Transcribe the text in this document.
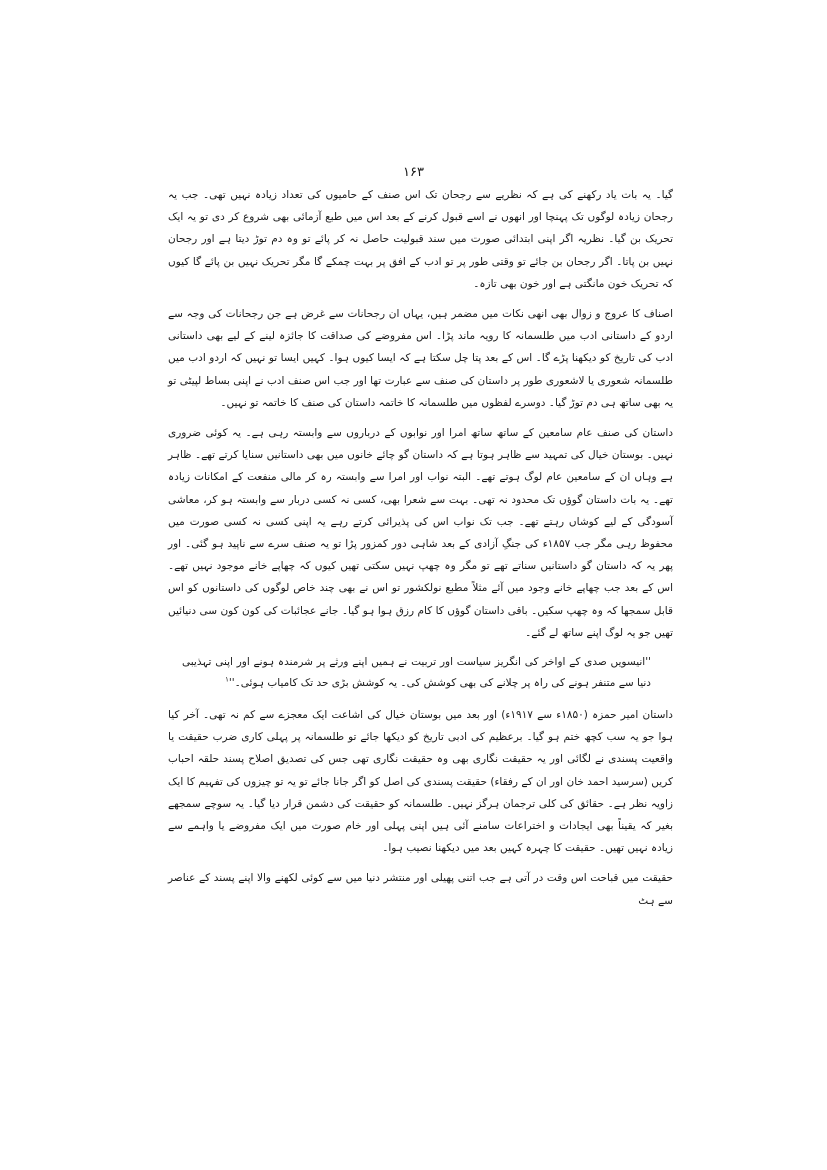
۱۶۳

گیا۔ یہ بات یاد رکھنے کی ہے کہ نظریے سے رجحان تک اس صنف کے حامیوں کی تعداد زیادہ نہیں تھی۔ جب یہ رجحان زیادہ لوگوں تک پہنچا اور انھوں نے اسے قبول کرنے کے بعد اس میں طبع آزمائی بھی شروع کر دی تو یہ ایک تحریک بن گیا۔ نظریہ اگر اپنی ابتدائی صورت میں سند قبولیت حاصل نہ کر پائے تو وہ دم توڑ دیتا ہے اور رجحان نہیں بن پاتا۔ اگر رجحان بن جائے تو وقتی طور پر تو ادب کے افق پر بہت چمکے گا مگر تحریک نہیں بن پائے گا کیوں کہ تحریک خون مانگتی ہے اور خون بھی تازہ۔

اصناف کا عروج و زوال بھی انھی نکات میں مضمر ہیں، یہاں ان رجحانات سے غرض ہے جن رجحانات کی وجہ سے اردو کے داستانی ادب میں طلسمانہ کا رویہ ماند پڑا۔ اس مفروضے کی صداقت کا جائزہ لینے کے لیے بھی داستانی ادب کی تاریخ کو دیکھنا پڑے گا۔ اس کے بعد پتا چل سکتا ہے کہ ایسا کیوں ہوا۔ کہیں ایسا تو نہیں کہ اردو ادب میں طلسمانہ شعوری یا لاشعوری طور پر داستان کی صنف سے عبارت تھا اور جب اس صنف ادب نے اپنی بساط لپیٹی تو یہ بھی ساتھ ہی دم توڑ گیا۔ دوسرے لفظوں میں طلسمانہ کا خاتمہ داستان کی صنف کا خاتمہ تو نہیں۔

داستان کی صنف عام سامعین کے ساتھ ساتھ امرا اور نوابوں کے درباروں سے وابستہ رہی ہے۔ یہ کوئی ضروری نہیں۔ بوستان خیال کی تمہید سے ظاہر ہوتا ہے کہ داستان گو چائے خانوں میں بھی داستانیں سنایا کرتے تھے۔ ظاہر ہے وہاں ان کے سامعین عام لوگ ہوتے تھے۔ البتہ نواب اور امرا سے وابستہ رہ کر مالی منفعت کے امکانات زیادہ تھے۔ یہ بات داستان گوؤں تک محدود نہ تھی۔ بہت سے شعرا بھی، کسی نہ کسی دربار سے وابستہ ہو کر، معاشی آسودگی کے لیے کوشاں رہتے تھے۔ جب تک نواب اس کی پذیرائی کرتے رہے یہ اپنی کسی نہ کسی صورت میں محفوظ رہی مگر جب ۱۸۵۷ء کی جنگِ آزادی کے بعد شاہی دور کمزور پڑا تو یہ صنف سرے سے ناپید ہو گئی۔ اور پھر یہ کہ داستان گو داستانیں سناتے تھے تو مگر وہ چھپ نہیں سکتی تھیں کیوں کہ چھاپے خانے موجود نہیں تھے۔ اس کے بعد جب چھاپے خانے وجود میں آئے مثلاً مطبع نولکشور تو اس نے بھی چند خاص لوگوں کی داستانوں کو اس قابل سمجھا کہ وہ چھپ سکیں۔ باقی داستان گوؤں کا کام رزق ہوا ہو گیا۔ جانے عجائبات کی کون کون سی دنیائیں تھیں جو یہ لوگ اپنے ساتھ لے گئے۔

''انیسویں صدی کے اواخر کی انگریز سیاست اور تربیت نے ہمیں اپنے ورثے پر شرمندہ ہونے اور اپنی تہذیبی دنیا سے متنفر ہونے کی راہ پر چلانے کی بھی کوشش کی۔ یہ کوشش بڑی حد تک کامیاب ہوئی۔''$^۱$

داستان امیر حمزہ (۱۸۵۰ء سے ۱۹۱۷ء) اور بعد میں بوستان خیال کی اشاعت ایک معجزے سے کم نہ تھی۔ آخر کیا ہوا جو یہ سب کچھ ختم ہو گیا۔ برعظیم کی ادبی تاریخ کو دیکھا جائے تو طلسمانہ پر پہلی کاری ضرب حقیقت یا واقعیت پسندی نے لگائی اور یہ حقیقت نگاری بھی وہ حقیقت نگاری تھی جس کی تصدیق اصلاح پسند حلقہ احباب کریں (سرسید احمد خان اور ان کے رفقاء) حقیقت پسندی کی اصل کو اگر جانا جائے تو یہ تو چیزوں کی تفہیم کا ایک زاویہ نظر ہے۔ حقائق کی کلی ترجمان ہرگز نہیں۔ طلسمانہ کو حقیقت کی دشمن قرار دیا گیا۔ یہ سوچے سمجھے بغیر کہ یقیناً بھی ایجادات و اختراعات سامنے آئی ہیں اپنی پہلی اور خام صورت میں ایک مفروضے یا واہمے سے زیادہ نہیں تھیں۔ حقیقت کا چہرہ کہیں بعد میں دیکھنا نصیب ہوا۔

حقیقت میں قباحت اس وقت در آتی ہے جب اتنی پھیلی اور منتشر دنیا میں سے کوئی لکھنے والا اپنے پسند کے عناصر سے ہٹ
